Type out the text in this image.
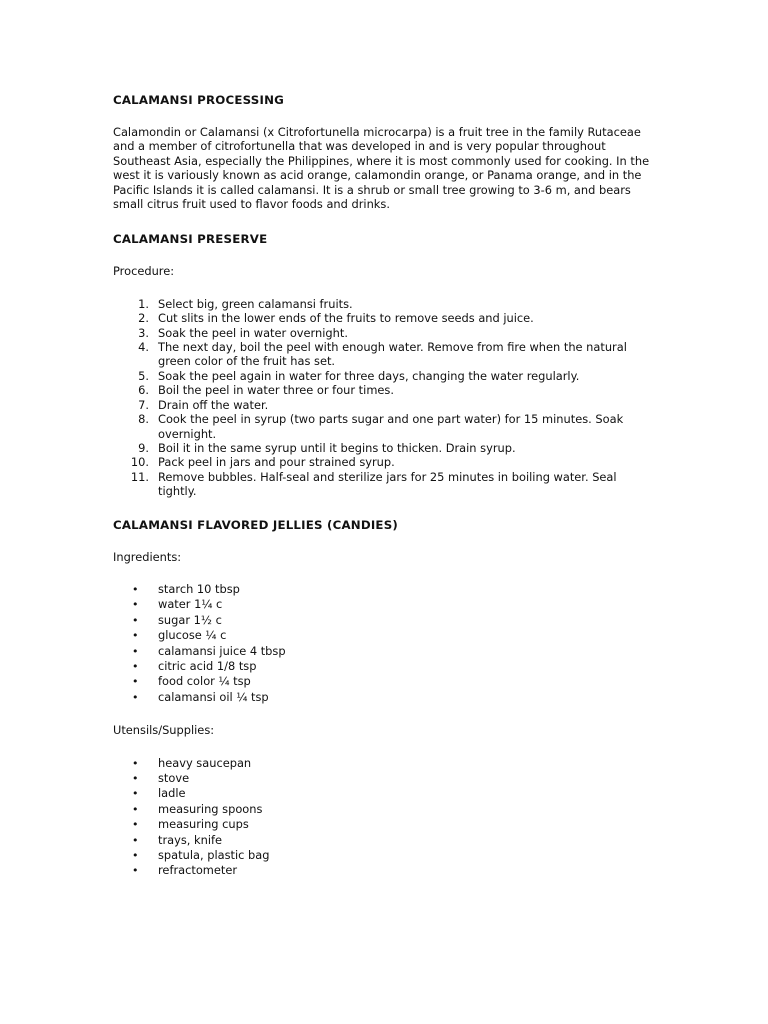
CALAMANSI PROCESSING

Calamondin or Calamansi (x Citrofortunella microcarpa) is a fruit tree in the family Rutaceae and a member of citrofortunella that was developed in and is very popular throughout Southeast Asia, especially the Philippines, where it is most commonly used for cooking. In the west it is variously known as acid orange, calamondin orange, or Panama orange, and in the Pacific Islands it is called calamansi. It is a shrub or small tree growing to 3-6 m, and bears small citrus fruit used to flavor foods and drinks.

CALAMANSI PRESERVE

Procedure:

1. Select big, green calamansi fruits.
2. Cut slits in the lower ends of the fruits to remove seeds and juice.
3. Soak the peel in water overnight.
4. The next day, boil the peel with enough water. Remove from fire when the natural green color of the fruit has set.
5. Soak the peel again in water for three days, changing the water regularly.
6. Boil the peel in water three or four times.
7. Drain off the water.
8. Cook the peel in syrup (two parts sugar and one part water) for 15 minutes. Soak overnight.
9. Boil it in the same syrup until it begins to thicken. Drain syrup.
10. Pack peel in jars and pour strained syrup.
11. Remove bubbles. Half-seal and sterilize jars for 25 minutes in boiling water. Seal tightly.
CALAMANSI FLAVORED JELLIES (CANDIES)

Ingredients:

• starch 10 tbsp
• water 1¼ c
• sugar 1½ c
• glucose ¼ c
• calamansi juice 4 tbsp
• citric acid 1/8 tsp
• food color ¼ tsp
• calamansi oil ¼ tsp

Utensils/Supplies:

• heavy saucepan
• stove
• ladle
• measuring spoons
• measuring cups
• trays, knife
• spatula, plastic bag
• refractometer
